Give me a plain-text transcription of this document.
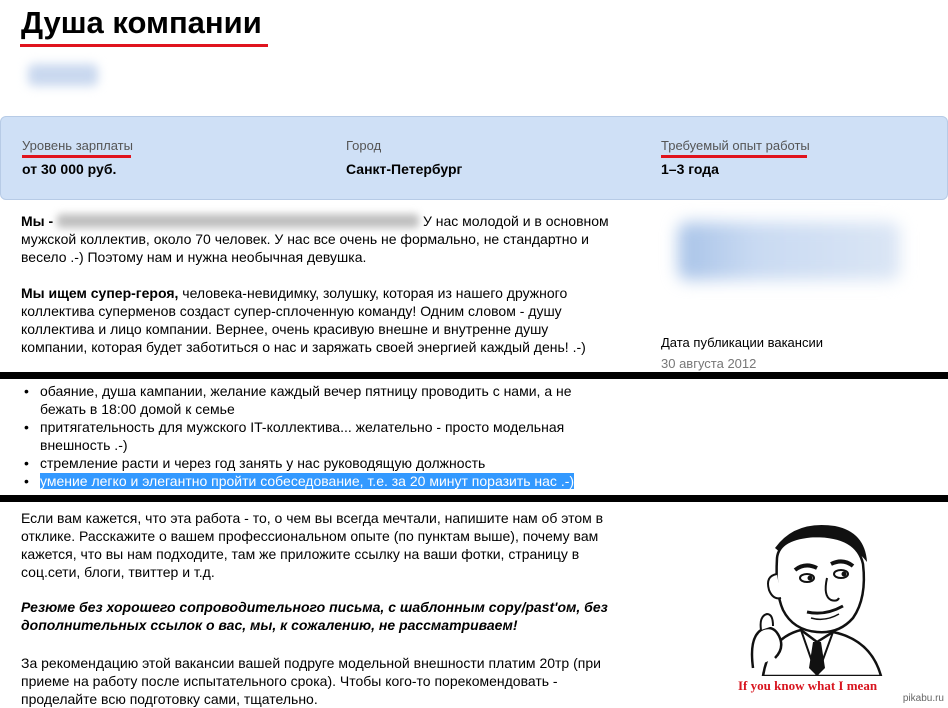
Душа компании
Уровень зарплаты
от 30 000 руб.
Город
Санкт-Петербург
Требуемый опыт работы
1–3 года
Мы -	У нас молодой и в основном мужской коллектив, около 70 человек. У нас все очень не формально, не стандартно и весело .-) Поэтому нам и нужна необычная девушка.
Мы ищем супер-героя, человека-невидимку, золушку, которая из нашего дружного коллектива суперменов создаст супер-сплоченную команду! Одним словом - душу коллектива и лицо компании. Вернее, очень красивую внешне и внутренне душу компании, которая будет заботиться о нас и заряжать своей энергией каждый день! .-)	Дата публикации вакансии
30 августа 2012
• обаяние, душа кампании, желание каждый вечер пятницу проводить с нами, а не бежать в 18:00 домой к семье
• притягательность для мужского IT-коллектива... желательно - просто модельная внешность .-)
• стремление расти и через год занять у нас руководящую должность
• умение легко и элегантно пройти собеседование, т.е. за 20 минут поразить нас .-)
Если вам кажется, что эта работа - то, о чем вы всегда мечтали, напишите нам об этом в отклике. Расскажите о вашем профессиональном опыте (по пунктам выше), почему вам кажется, что вы нам подходите, там же приложите ссылку на ваши фотки, страницу в соц.сети, блоги, твиттер и т.д.
Резюме без хорошего сопроводительного письма, с шаблонным copy/past'ом, без дополнительных ссылок о вас, мы, к сожалению, не рассматриваем!
За рекомендацию этой вакансии вашей подруге модельной внешности платим 20тр (при приеме на работу после испытательного срока). Чтобы кого-то порекомендовать - проделайте всю подготовку сами, тщательно.
If you know what I mean
pikabu.ru
